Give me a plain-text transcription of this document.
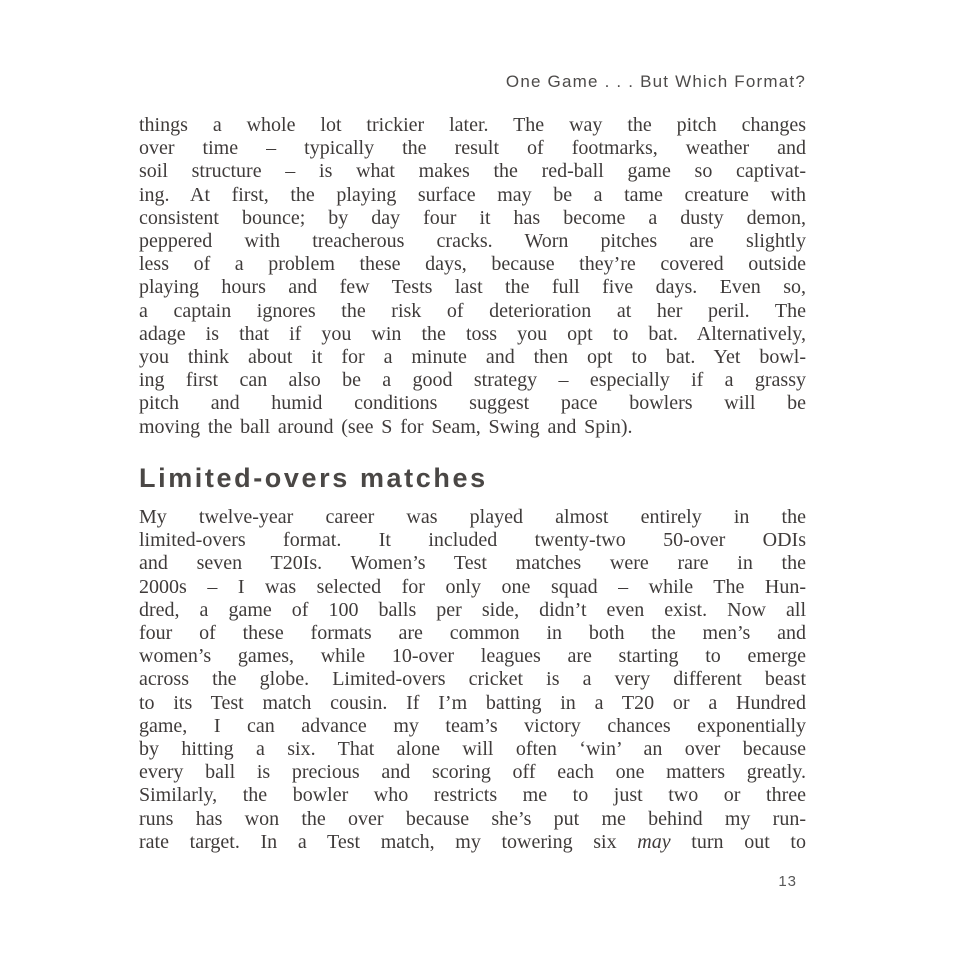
One Game . . . But Which Format?
things a whole lot trickier later. The way the pitch changes
over time – typically the result of footmarks, weather and
soil structure – is what makes the red-ball game so captivat-
ing. At first, the playing surface may be a tame creature with
consistent bounce; by day four it has become a dusty demon,
peppered with treacherous cracks. Worn pitches are slightly
less of a problem these days, because they’re covered outside
playing hours and few Tests last the full five days. Even so,
a captain ignores the risk of deterioration at her peril. The
adage is that if you win the toss you opt to bat. Alternatively,
you think about it for a minute and then opt to bat. Yet bowl-
ing first can also be a good strategy – especially if a grassy
pitch and humid conditions suggest pace bowlers will be
moving the ball around (see S for Seam, Swing and Spin).
Limited-overs matches
My twelve-year career was played almost entirely in the
limited-overs format. It included twenty-two 50-over ODIs
and seven T20Is. Women’s Test matches were rare in the
2000s – I was selected for only one squad – while The Hun-
dred, a game of 100 balls per side, didn’t even exist. Now all
four of these formats are common in both the men’s and
women’s games, while 10-over leagues are starting to emerge
across the globe. Limited-overs cricket is a very different beast
to its Test match cousin. If I’m batting in a T20 or a Hundred
game, I can advance my team’s victory chances exponentially
by hitting a six. That alone will often ‘win’ an over because
every ball is precious and scoring off each one matters greatly.
Similarly, the bowler who restricts me to just two or three
runs has won the over because she’s put me behind my run-
rate target. In a Test match, my towering six may turn out to
13
